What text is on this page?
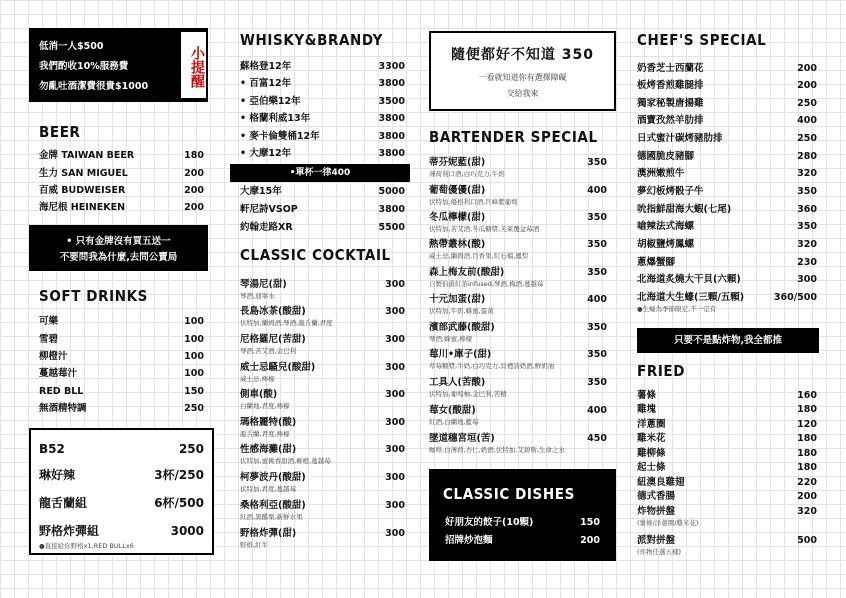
低消一人$500
我們酌收10%服務費
勿亂吐酒潔費很貴$1000	小提醒
BEER
金牌 TAIWAN BEER	180
生力 SAN MIGUEL	200
百威 BUDWEISER	200
海尼根 HEINEKEN	200
• 只有金牌沒有買五送一
不要問我為什麼,去問公賣局
SOFT DRINKS
可樂	100
雪碧	100
柳橙汁	100
蔓越莓汁	100
RED BLL	150
無酒精特調	250
B52	250
琳好辣	3杯/250
龍舌蘭組	6杯/500
野格炸彈組	3000
●直接給你野格x1,RED BULLx6
WHISKY&BRANDY
蘇格登12年	3300
• 百富12年	3800
• 亞伯樂12年	3500
• 格蘭利威13年	3800
• 麥卡倫雙桶12年	3800
• 大摩12年	3800
•單杯一律400
大摩15年	5000
軒尼詩VSOP	3800
約翰走路XR	5500
CLASSIC COCKTAIL
琴湯尼(甜)	300
琴酒,通寧水
長島冰茶(酸甜)	300
伏特加,蘭姆酒,琴酒,龍舌蘭,君度
尼格羅尼(苦甜)	300
琴酒,苦艾酒,金巴利
威士忌騷兒(酸甜)	300
威士忌,檸檬
側車(酸)	300
白蘭地,君度,檸檬
瑪格麗特(酸)	300
龍舌蘭,君度,檸檬
性感海灘(甜)	300
伏特加,蜜桃香甜酒,柳橙,蔓越莓
柯夢波丹(酸甜)	300
伏特加,君度,蔓越莓
桑格利亞(酸甜)	300
紅酒,黑醋栗,新鮮水果
野格炸彈(甜)	300
野格,紅牛
隨便都好不知道 350
一看就知道你有選擇障礙
交給我來
BARTENDER SPECIAL
蒂芬妮藍(甜)	350
薄荷利口酒,白巧克力,牛奶
葡萄優優(甜)	400
伏特加,優格利口酒,巨峰紫葡萄
冬瓜檸檬(甜)	350
伏特加,苦艾酒,冬瓜糖漿,芙萊覆盆莓酒
熱帶叢林(酸)	350
威士忌,蘭姆酒,百香果,紅石榴,鳳梨
森上梅友前(酸甜)	350
自製伯爵紅茶infused,琴酒,梅酒,蔓越莓
十元加蛋(甜)	400
伏特加,牛奶,蜂蜜,蛋黃
濱部武藤(酸甜)	350
琴酒,蜂蜜,檸檬
莓川•庫子(甜)	350
草莓糖漿,牛奶,白巧克力,貝禮詩奶酒,鮮奶油
工具人(苦酸)	350
伏特加,葡萄柚,金巴利,苦精
莓女(酸甜)	400
紅酒,白蘭地,藍莓
墜道穗宮垣(苦)	450
咖啡,白薄荷,杏仁,奶酒,伏特加,艾碧斯,生命之水
CLASSIC DISHES
好朋友的餃子(10顆)	150
招牌炒泡麵	200
CHEF'S SPECIAL
奶香芝士西蘭花	200
板烤香煎雞腿排	200
獨家秘製唐揚雞	250
酒寶孜然羊肋排	400
日式蜜汁碳烤豬肋排	250
德國脆皮豬腳	280
澳洲嫩煎牛	320
夢幻板烤骰子牛	350
吮指鮮甜海大蝦(七尾)	360
嗆辣法式海螺	350
胡椒鹽烤鳳螺	320
蔥爆蟹腳	230
北海道炙燒大干貝(六顆)	300
北海道大生蠔(三顆/五顆)	360/500
●生蠔為季節限定,不一定有
只要不是點炸物,我全都推
FRIED
薯條	160
雞塊	180
洋蔥圈	120
雞米花	180
雞柳條	180
起士條	180
紐澳良雞翅	220
德式香腸	200
炸物拼盤	320
(薯條/洋蔥圈/雞米花)
派對拼盤	500
(炸物任選五樣)
